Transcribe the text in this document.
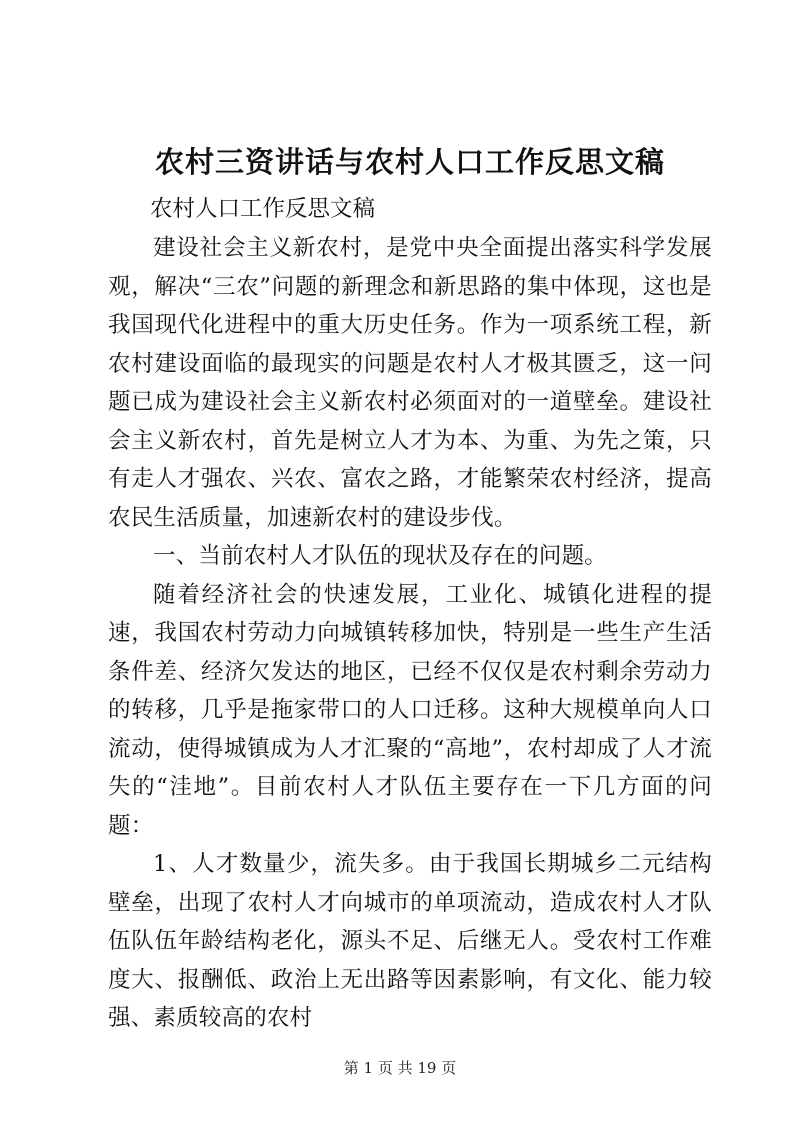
农村三资讲话与农村人口工作反思文稿

农村人口工作反思文稿

建设社会主义新农村，是党中央全面提出落实科学发展观，解决“三农”问题的新理念和新思路的集中体现，这也是我国现代化进程中的重大历史任务。作为一项系统工程，新农村建设面临的最现实的问题是农村人才极其匮乏，这一问题已成为建设社会主义新农村必须面对的一道壁垒。建设社会主义新农村，首先是树立人才为本、为重、为先之策，只有走人才强农、兴农、富农之路，才能繁荣农村经济，提高农民生活质量，加速新农村的建设步伐。

一、当前农村人才队伍的现状及存在的问题。

随着经济社会的快速发展，工业化、城镇化进程的提速，我国农村劳动力向城镇转移加快，特别是一些生产生活条件差、经济欠发达的地区，已经不仅仅是农村剩余劳动力的转移，几乎是拖家带口的人口迁移。这种大规模单向人口流动，使得城镇成为人才汇聚的“高地”，农村却成了人才流失的“洼地”。目前农村人才队伍主要存在一下几方面的问题：

1、人才数量少，流失多。由于我国长期城乡二元结构壁垒，出现了农村人才向城市的单项流动，造成农村人才队伍队伍年龄结构老化，源头不足、后继无人。受农村工作难度大、报酬低、政治上无出路等因素影响，有文化、能力较强、素质较高的农村

第 1 页 共 19 页
